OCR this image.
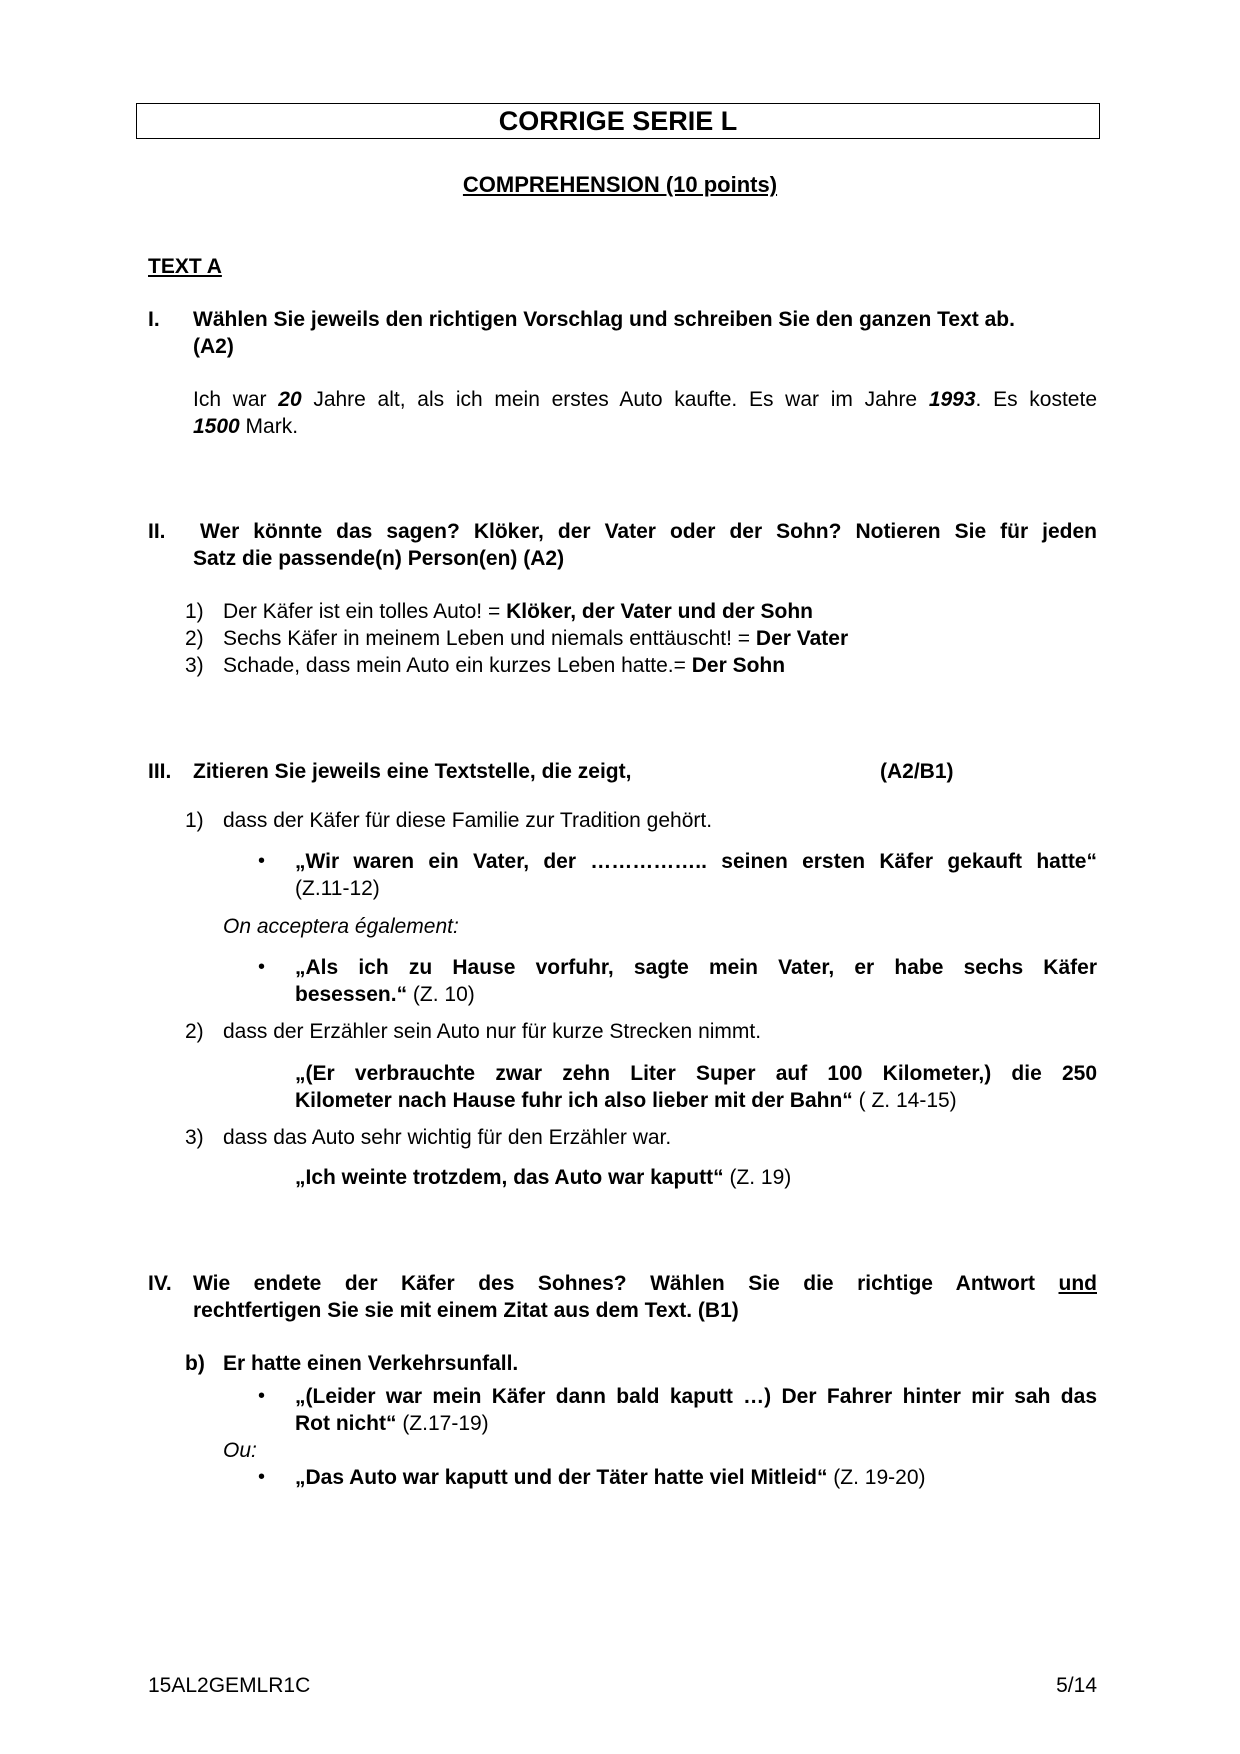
CORRIGE SERIE L
COMPREHENSION (10 points)
TEXT A
I. Wählen Sie jeweils den richtigen Vorschlag und schreiben Sie den ganzen Text ab.
(A2)
Ich war 20 Jahre alt, als ich mein erstes Auto kaufte. Es war im Jahre 1993. Es kostete
1500 Mark.
II. Wer könnte das sagen? Klöker, der Vater oder der Sohn? Notieren Sie für jeden
Satz die passende(n) Person(en) (A2)
1) Der Käfer ist ein tolles Auto! = Klöker, der Vater und der Sohn
2) Sechs Käfer in meinem Leben und niemals enttäuscht! = Der Vater
3) Schade, dass mein Auto ein kurzes Leben hatte.= Der Sohn
III. Zitieren Sie jeweils eine Textstelle, die zeigt,	(A2/B1)
1) dass der Käfer für diese Familie zur Tradition gehört.
• „Wir waren ein Vater, der …………….. seinen ersten Käfer gekauft hatte“
(Z.11-12)
On acceptera également:
• „Als ich zu Hause vorfuhr, sagte mein Vater, er habe sechs Käfer
besessen.“ (Z. 10)
2) dass der Erzähler sein Auto nur für kurze Strecken nimmt.
„(Er verbrauchte zwar zehn Liter Super auf 100 Kilometer,) die 250
Kilometer nach Hause fuhr ich also lieber mit der Bahn“ ( Z. 14-15)
3) dass das Auto sehr wichtig für den Erzähler war.
„Ich weinte trotzdem, das Auto war kaputt“ (Z. 19)
IV. Wie endete der Käfer des Sohnes? Wählen Sie die richtige Antwort und
rechtfertigen Sie sie mit einem Zitat aus dem Text. (B1)
b) Er hatte einen Verkehrsunfall.
• „(Leider war mein Käfer dann bald kaputt …) Der Fahrer hinter mir sah das
Rot nicht“ (Z.17-19)
Ou:
• „Das Auto war kaputt und der Täter hatte viel Mitleid“ (Z. 19-20)
15AL2GEMLR1C	5/14
